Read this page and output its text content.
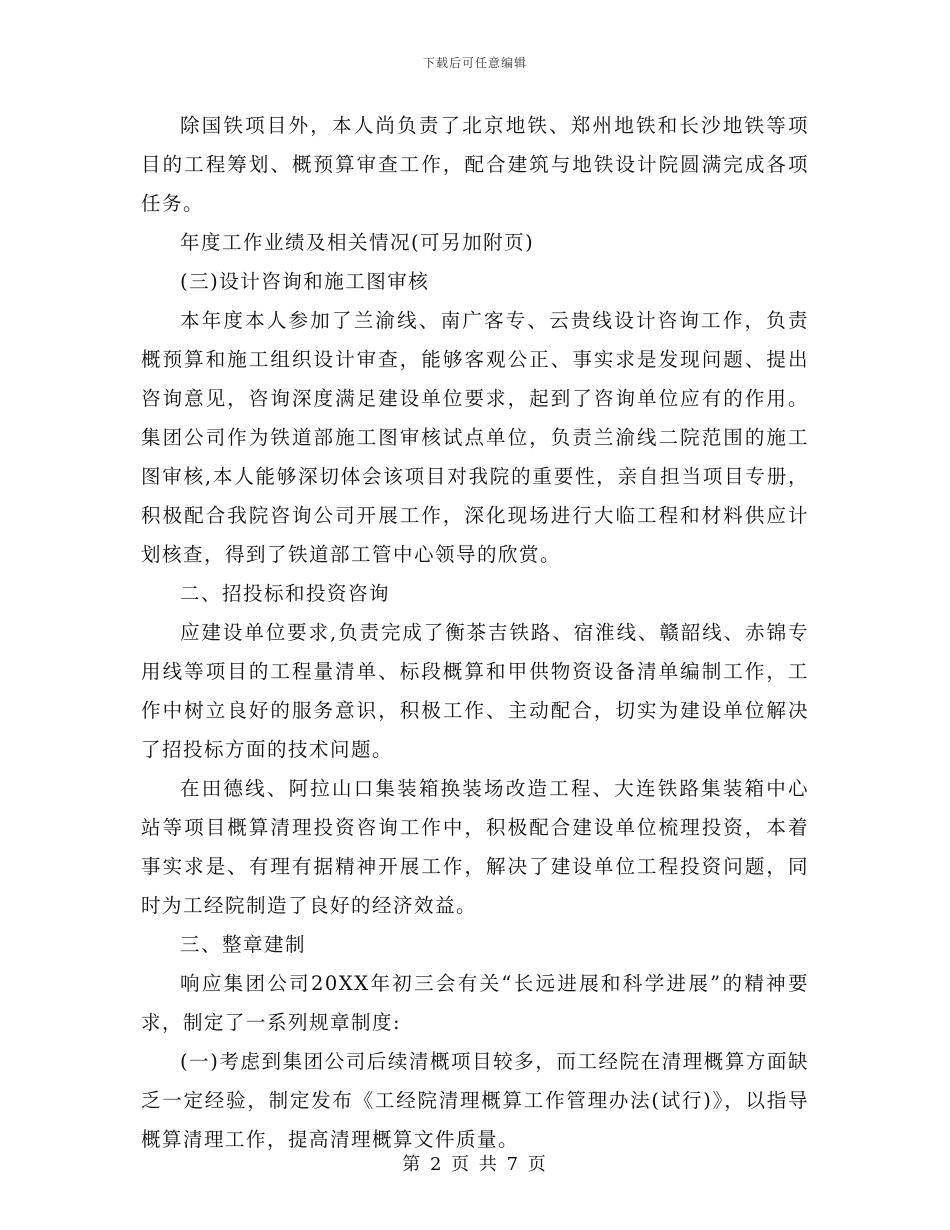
下载后可任意编辑

除国铁项目外，本人尚负责了北京地铁、郑州地铁和长沙地铁等项目的工程筹划、概预算审查工作，配合建筑与地铁设计院圆满完成各项任务。

年度工作业绩及相关情况(可另加附页)

(三)设计咨询和施工图审核

本年度本人参加了兰渝线、南广客专、云贵线设计咨询工作，负责概预算和施工组织设计审查，能够客观公正、事实求是发现问题、提出咨询意见，咨询深度满足建设单位要求，起到了咨询单位应有的作用。集团公司作为铁道部施工图审核试点单位，负责兰渝线二院范围的施工图审核,本人能够深切体会该项目对我院的重要性，亲自担当项目专册，积极配合我院咨询公司开展工作，深化现场进行大临工程和材料供应计划核查，得到了铁道部工管中心领导的欣赏。

二、招投标和投资咨询

应建设单位要求,负责完成了衡茶吉铁路、宿淮线、赣韶线、赤锦专用线等项目的工程量清单、标段概算和甲供物资设备清单编制工作，工作中树立良好的服务意识，积极工作、主动配合，切实为建设单位解决了招投标方面的技术问题。

在田德线、阿拉山口集装箱换装场改造工程、大连铁路集装箱中心站等项目概算清理投资咨询工作中，积极配合建设单位梳理投资，本着事实求是、有理有据精神开展工作，解决了建设单位工程投资问题，同时为工经院制造了良好的经济效益。

三、整章建制

响应集团公司20XX年初三会有关“长远进展和科学进展”的精神要求，制定了一系列规章制度:

(一)考虑到集团公司后续清概项目较多，而工经院在清理概算方面缺乏一定经验，制定发布《工经院清理概算工作管理办法(试行)》，以指导概算清理工作，提高清理概算文件质量。

第 2 页 共 7 页
